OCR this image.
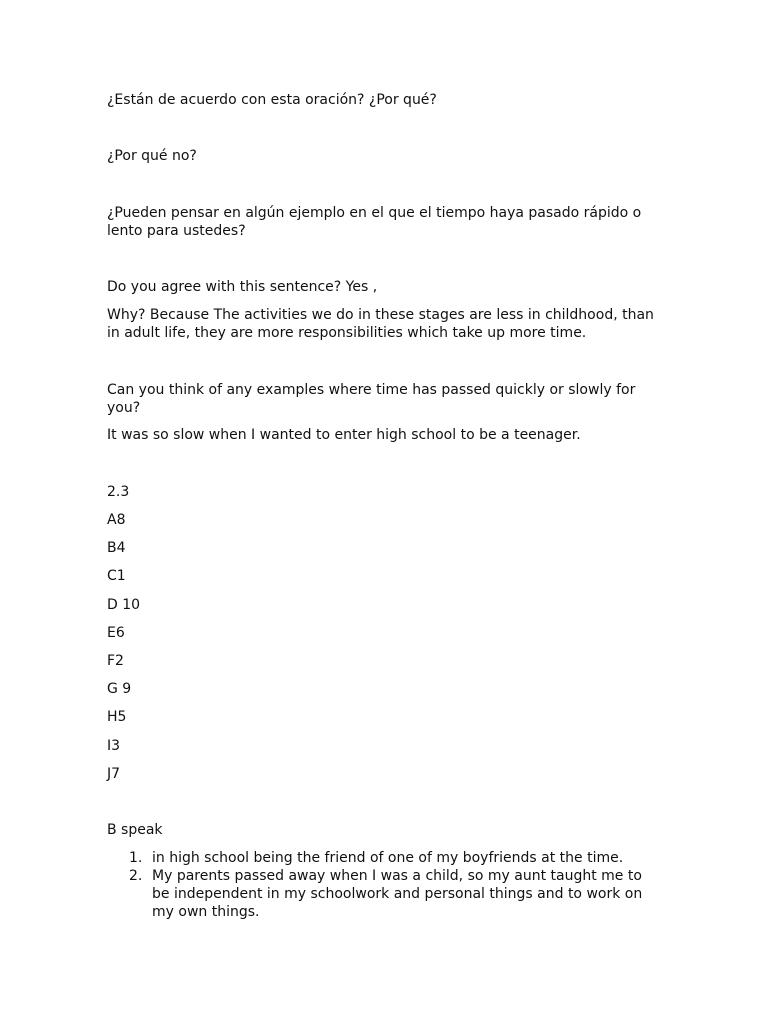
¿Están de acuerdo con esta oración? ¿Por qué?

¿Por qué no?

¿Pueden pensar en algún ejemplo en el que el tiempo haya pasado rápido o lento para ustedes?

Do you agree with this sentence? Yes ,

Why? Because The activities we do in these stages are less in childhood, than in adult life, they are more responsibilities which take up more time.

Can you think of any examples where time has passed quickly or slowly for you?

It was so slow when I wanted to enter high school to be a teenager.

2.3

A8

B4

C1

D 10

E6

F2

G 9

H5

I3

J7

B speak

1. in high school being the friend of one of my boyfriends at the time.
2. My parents passed away when I was a child, so my aunt taught me to be independent in my schoolwork and personal things and to work on my own things.
